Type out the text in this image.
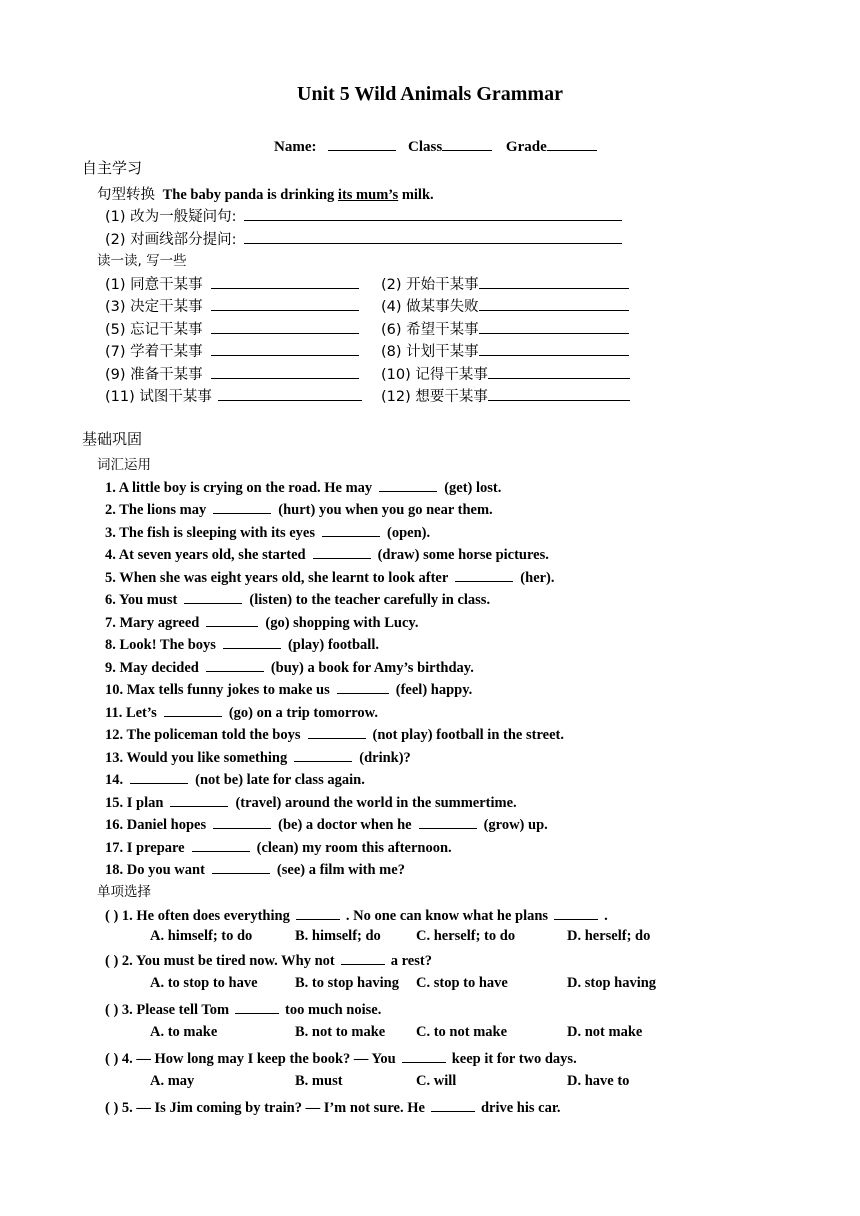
Unit 5 Wild Animals Grammar
Name:	Class	Grade
自主学习
句型转换 The baby panda is drinking its mum’s milk.
(1) 改为一般疑问句:
(2) 对画线部分提问:
读一读, 写一些
(1) 同意干某事	(2) 开始干某事
(3) 决定干某事	(4) 做某事失败
(5) 忘记干某事	(6) 希望干某事
(7) 学着干某事	(8) 计划干某事
(9) 准备干某事	(10) 记得干某事
(11) 试图干某事	(12) 想要干某事
基础巩固
词汇运用
1. A little boy is crying on the road. He may	(get) lost.
2. The lions may	(hurt) you when you go near them.
3. The fish is sleeping with its eyes	(open).
4. At seven years old, she started	(draw) some horse pictures.
5. When she was eight years old, she learnt to look after	(her).
6. You must	(listen) to the teacher carefully in class.
7. Mary agreed	(go) shopping with Lucy.
8. Look! The boys	(play) football.
9. May decided	(buy) a book for Amy’s birthday.
10. Max tells funny jokes to make us	(feel) happy.
11. Let’s	(go) on a trip tomorrow.
12. The policeman told the boys	(not play) football in the street.
13. Would you like something	(drink)?
14.	(not be) late for class again.
15. I plan	(travel) around the world in the summertime.
16. Daniel hopes	(be) a doctor when he	(grow) up.
17. I prepare	(clean) my room this afternoon.
18. Do you want	(see) a film with me?
单项选择
( ) 1. He often does everything	. No one can know what he plans	.
A. himself; to do	B. himself; do C. herself; to do	D. herself; do
( ) 2. You must be tired now. Why not	a rest?
A. to stop to have	B. to stop having C. stop to have	D. stop having
( ) 3. Please tell Tom	too much noise.
A. to make	B. not to make C. to not make	D. not make
( ) 4. — How long may I keep the book? — You	keep it for two days.
A. may	B. must	C. will	D. have to
( ) 5. — Is Jim coming by train? — I’m not sure. He	drive his car.
